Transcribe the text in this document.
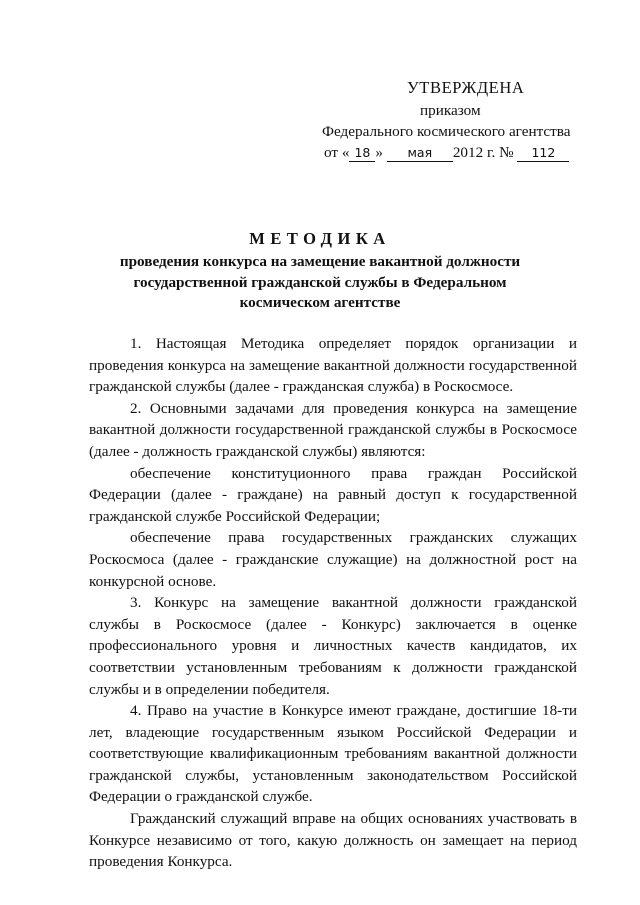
УТВЕРЖДЕНА
приказом
Федерального космического агентства
от « 18 » мая 2012 г. № 112
МЕТОДИКА
проведения конкурса на замещение вакантной должности
государственной гражданской службы в Федеральном
космическом агентстве

1. Настоящая Методика определяет порядок организации и проведения конкурса на замещение вакантной должности государственной гражданской службы (далее - гражданская служба) в Роскосмосе.

2. Основными задачами для проведения конкурса на замещение вакантной должности государственной гражданской службы в Роскосмосе (далее - должность гражданской службы) являются:

обеспечение конституционного права граждан Российской Федерации (далее - граждане) на равный доступ к государственной гражданской службе Российской Федерации;

обеспечение права государственных гражданских служащих Роскосмоса (далее - гражданские служащие) на должностной рост на конкурсной основе.

3. Конкурс на замещение вакантной должности гражданской службы в Роскосмосе (далее - Конкурс) заключается в оценке профессионального уровня и личностных качеств кандидатов, их соответствии установленным требованиям к должности гражданской службы и в определении победителя.

4. Право на участие в Конкурсе имеют граждане, достигшие 18-ти лет, владеющие государственным языком Российской Федерации и соответствующие квалификационным требованиям вакантной должности гражданской службы, установленным законодательством Российской Федерации о гражданской службе.

Гражданский служащий вправе на общих основаниях участвовать в Конкурсе независимо от того, какую должность он замещает на период проведения Конкурса.
